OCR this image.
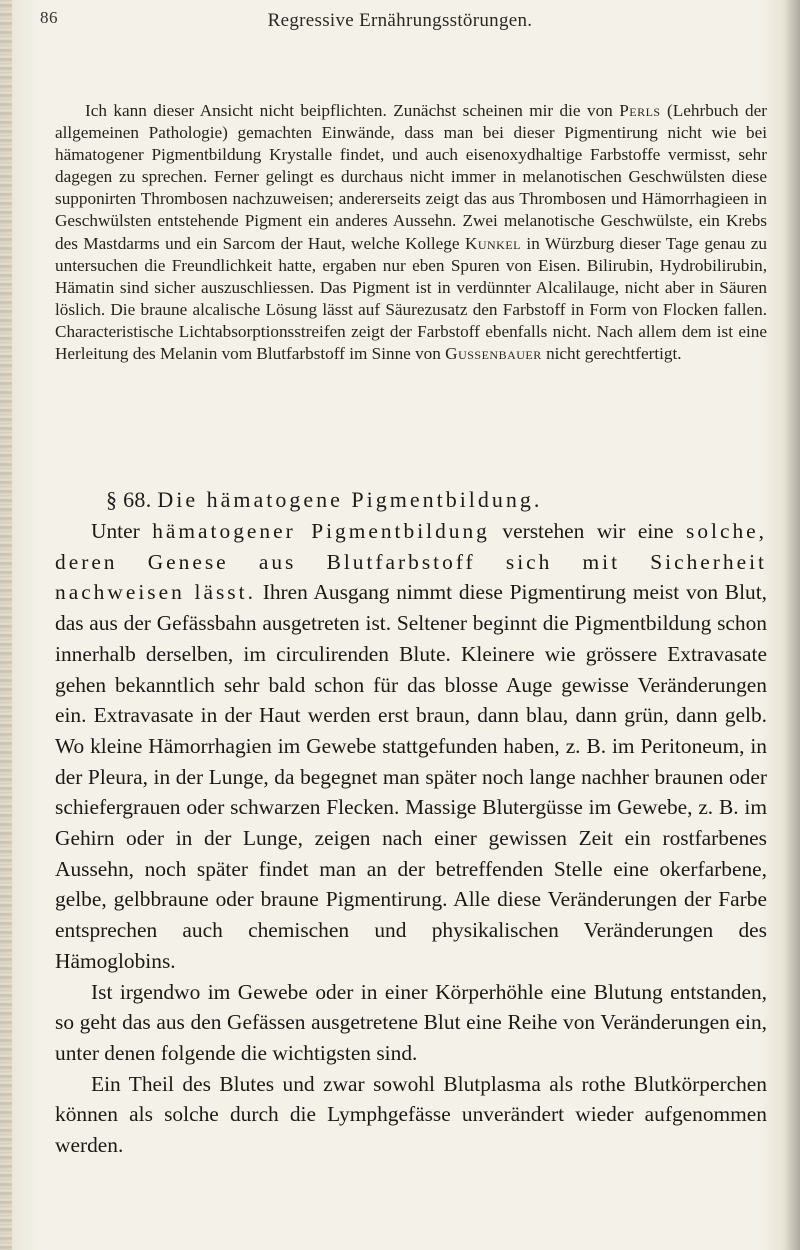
86	Regressive Ernährungsstörungen.

Ich kann dieser Ansicht nicht beipflichten. Zunächst scheinen mir die von Perls (Lehrbuch der allgemeinen Pathologie) gemachten Einwände, dass man bei dieser Pigmentirung nicht wie bei hämatogener Pigmentbildung Krystalle findet, und auch eisenoxydhaltige Farbstoffe vermisst, sehr dagegen zu sprechen. Ferner gelingt es durchaus nicht immer in melanotischen Geschwülsten diese supponirten Thrombosen nachzuweisen; andererseits zeigt das aus Thrombosen und Hämorrhagieen in Geschwülsten entstehende Pigment ein anderes Aussehn. Zwei melanotische Geschwülste, ein Krebs des Mastdarms und ein Sarcom der Haut, welche Kollege Kunkel in Würzburg dieser Tage genau zu untersuchen die Freundlichkeit hatte, ergaben nur eben Spuren von Eisen. Bilirubin, Hydrobilirubin, Hämatin sind sicher auszuschliessen. Das Pigment ist in verdünnter Alcalilauge, nicht aber in Säuren löslich. Die braune alcalische Lösung lässt auf Säurezusatz den Farbstoff in Form von Flocken fallen. Characteristische Lichtabsorptionsstreifen zeigt der Farbstoff ebenfalls nicht. Nach allem dem ist eine Herleitung des Melanin vom Blutfarbstoff im Sinne von Gussenbauer nicht gerechtfertigt.

§ 68. Die hämatogene Pigmentbildung.

Unter hämatogener Pigmentbildung verstehen wir eine solche, deren Genese aus Blutfarbstoff sich mit Sicherheit nachweisen lässt. Ihren Ausgang nimmt diese Pigmentirung meist von Blut, das aus der Gefässbahn ausgetreten ist. Seltener beginnt die Pigmentbildung schon innerhalb derselben, im circulirenden Blute. Kleinere wie grössere Extravasate gehen bekanntlich sehr bald schon für das blosse Auge gewisse Veränderungen ein. Extravasate in der Haut werden erst braun, dann blau, dann grün, dann gelb. Wo kleine Hämorrhagien im Gewebe stattgefunden haben, z. B. im Peritoneum, in der Pleura, in der Lunge, da begegnet man später noch lange nachher braunen oder schiefergrauen oder schwarzen Flecken. Massige Blutergüsse im Gewebe, z. B. im Gehirn oder in der Lunge, zeigen nach einer gewissen Zeit ein rostfarbenes Aussehn, noch später findet man an der betreffenden Stelle eine okerfarbene, gelbe, gelbbraune oder braune Pigmentirung. Alle diese Veränderungen der Farbe entsprechen auch chemischen und physikalischen Veränderungen des Hämoglobins.

Ist irgendwo im Gewebe oder in einer Körperhöhle eine Blutung entstanden, so geht das aus den Gefässen ausgetretene Blut eine Reihe von Veränderungen ein, unter denen folgende die wichtigsten sind.

Ein Theil des Blutes und zwar sowohl Blutplasma als rothe Blutkörperchen können als solche durch die Lymphgefässe unverändert wieder aufgenommen werden.
